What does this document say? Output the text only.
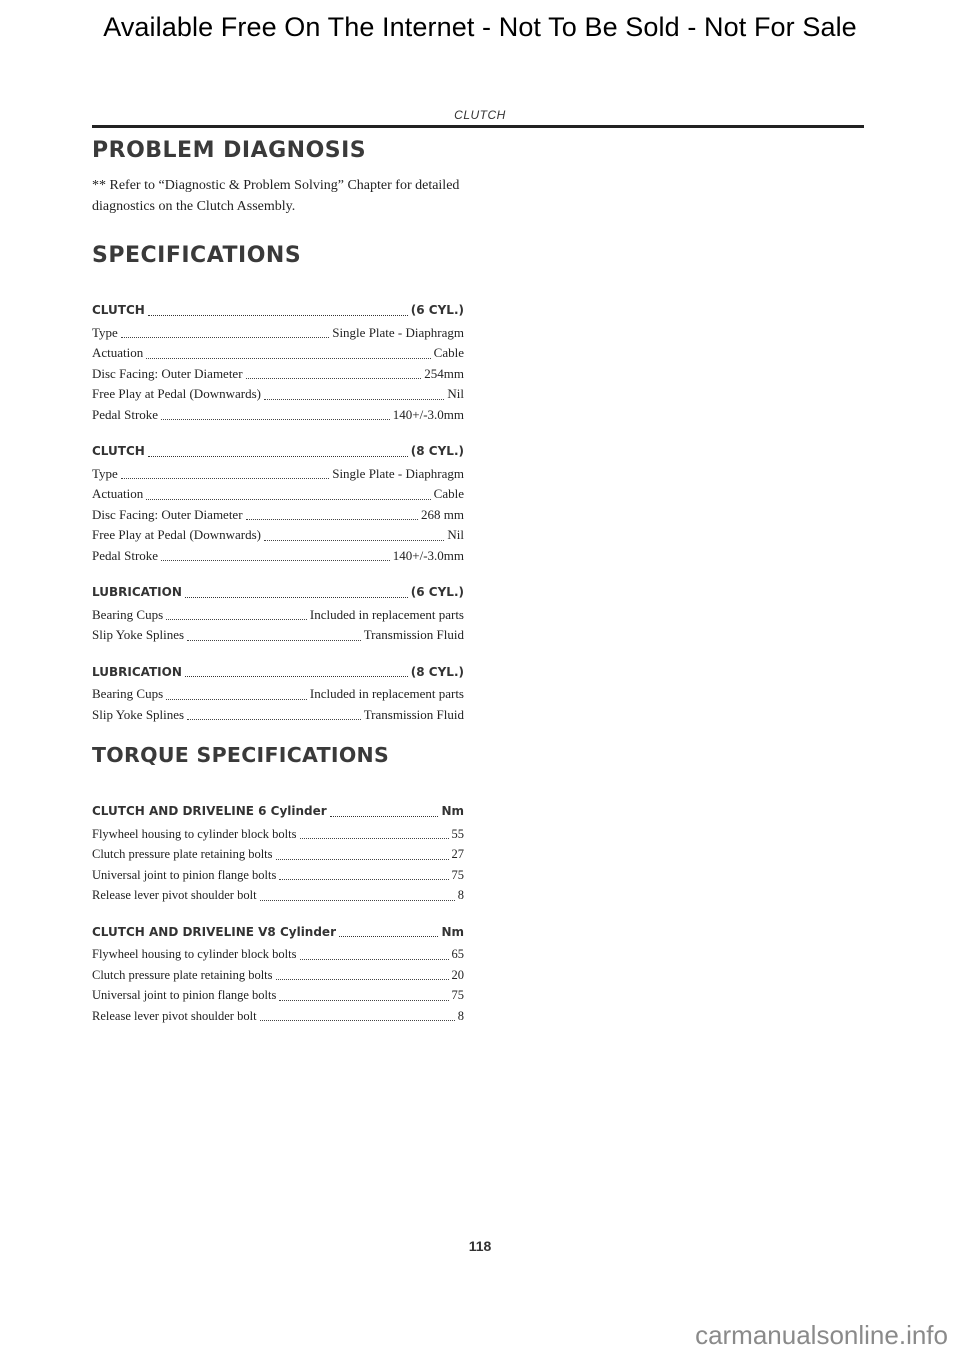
Available Free On The Internet - Not To Be Sold - Not For Sale
CLUTCH
PROBLEM DIAGNOSIS

** Refer to “Diagnostic & Problem Solving” Chapter for detailed diagnostics on the Clutch Assembly.

SPECIFICATIONS
CLUTCH	(6 CYL.)
Type	Single Plate - Diaphragm
Actuation	Cable
Disc Facing: Outer Diameter	254mm
Free Play at Pedal (Downwards)	Nil
Pedal Stroke	140+/-3.0mm
CLUTCH	(8 CYL.)
Type	Single Plate - Diaphragm
Actuation	Cable
Disc Facing: Outer Diameter	268 mm
Free Play at Pedal (Downwards)	Nil
Pedal Stroke	140+/-3.0mm
LUBRICATION	(6 CYL.)
Bearing Cups	Included in replacement parts
Slip Yoke Splines	Transmission Fluid
LUBRICATION	(8 CYL.)
Bearing Cups	Included in replacement parts
Slip Yoke Splines	Transmission Fluid
TORQUE SPECIFICATIONS
CLUTCH AND DRIVELINE 6 Cylinder	Nm
Flywheel housing to cylinder block bolts	55
Clutch pressure plate retaining bolts	27
Universal joint to pinion flange bolts	75
Release lever pivot shoulder bolt	8
CLUTCH AND DRIVELINE V8 Cylinder	Nm
Flywheel housing to cylinder block bolts	65
Clutch pressure plate retaining bolts	20
Universal joint to pinion flange bolts	75
Release lever pivot shoulder bolt	8
118
carmanualsonline.info
